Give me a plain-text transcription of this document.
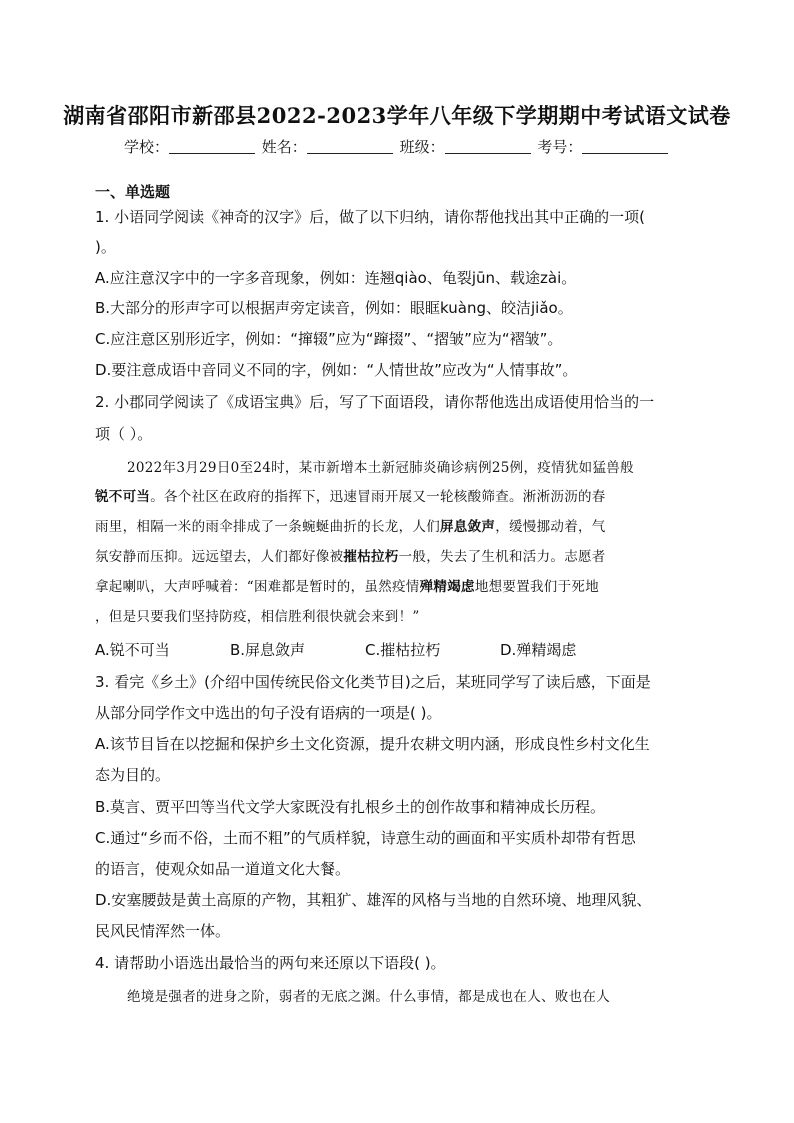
湖南省邵阳市新邵县2022-2023学年八年级下学期期中考试语文试卷
学校：	姓名：	班级：	考号：
一、单选题
1. 小语同学阅读《神奇的汉字》后，做了以下归纳，请你帮他找出其中正确的一项(
)。
A.应注意汉字中的一字多音现象，例如：连翘qiào、龟裂jūn、载途zài。
B.大部分的形声字可以根据声旁定读音，例如：眼眶kuàng、皎洁jiǎo。
C.应注意区别形近字，例如：“撺辍”应为“蹿掇”、“摺皱”应为“褶皱”。
D.要注意成语中音同义不同的字，例如：“人情世故”应改为“人情事故”。
2. 小郡同学阅读了《成语宝典》后，写了下面语段，请你帮他选出成语使用恰当的一
项（ ）。
2022年3月29日0至24时，某市新增本土新冠肺炎确诊病例25例，疫情犹如猛兽般
锐不可当。各个社区在政府的指挥下，迅速冒雨开展又一轮核酸筛查。淅淅沥沥的春
雨里，相隔一米的雨伞排成了一条蜿蜒曲折的长龙，人们屏息敛声，缓慢挪动着，气
氛安静而压抑。远远望去，人们都好像被摧枯拉朽一般，失去了生机和活力。志愿者
拿起喇叭，大声呼喊着：“困难都是暂时的，虽然疫情殚精竭虑地想要置我们于死地
，但是只要我们坚持防疫，相信胜利很快就会来到！”
A.锐不可当	B.屏息敛声	C.摧枯拉朽	D.殚精竭虑
3. 看完《乡土》(介绍中国传统民俗文化类节目)之后，某班同学写了读后感，下面是
从部分同学作文中选出的句子没有语病的一项是( )。
A.该节目旨在以挖掘和保护乡土文化资源，提升农耕文明内涵，形成良性乡村文化生
态为目的。
B.莫言、贾平凹等当代文学大家既没有扎根乡土的创作故事和精神成长历程。
C.通过“乡而不俗，土而不粗”的气质样貌，诗意生动的画面和平实质朴却带有哲思
的语言，使观众如品一道道文化大餐。
D.安塞腰鼓是黄土高原的产物，其粗犷、雄浑的风格与当地的自然环境、地理风貌、
民风民情浑然一体。
4. 请帮助小语选出最恰当的两句来还原以下语段( )。
绝境是强者的进身之阶，弱者的无底之渊。什么事情，都是成也在人、败也在人
